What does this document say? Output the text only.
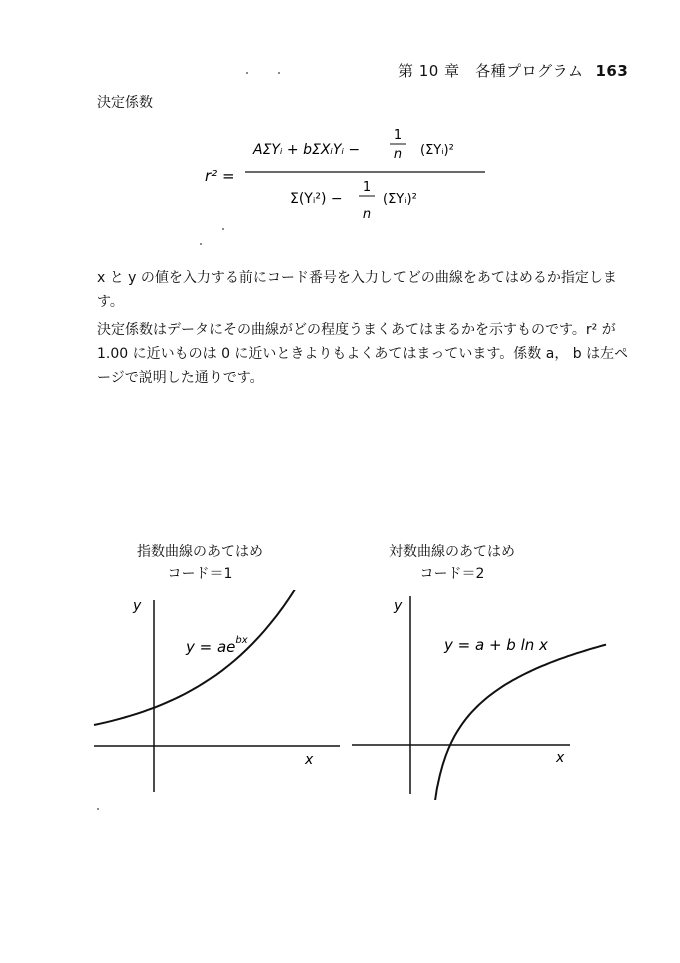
第 10 章　各種プログラム 163
決定係数
r² =
AΣYᵢ + bΣXᵢYᵢ −
1
n (ΣYᵢ)²
Σ(Yᵢ²) −
1
n
(ΣYᵢ)²
x と y の値を入力する前にコード番号を入力してどの曲線をあてはめるか指定します。
決定係数はデータにその曲線がどの程度うまくあてはまるかを示すものです。r² が 1.00 に近いものは 0 に近いときよりもよくあてはまっています。係数 a， b は左ページで説明した通りです。
指数曲線のあてはめ
コード＝1
対数曲線のあてはめ
コード＝2
y
x
$y = ae^{bx}$
y
x
y = a + b ln x
